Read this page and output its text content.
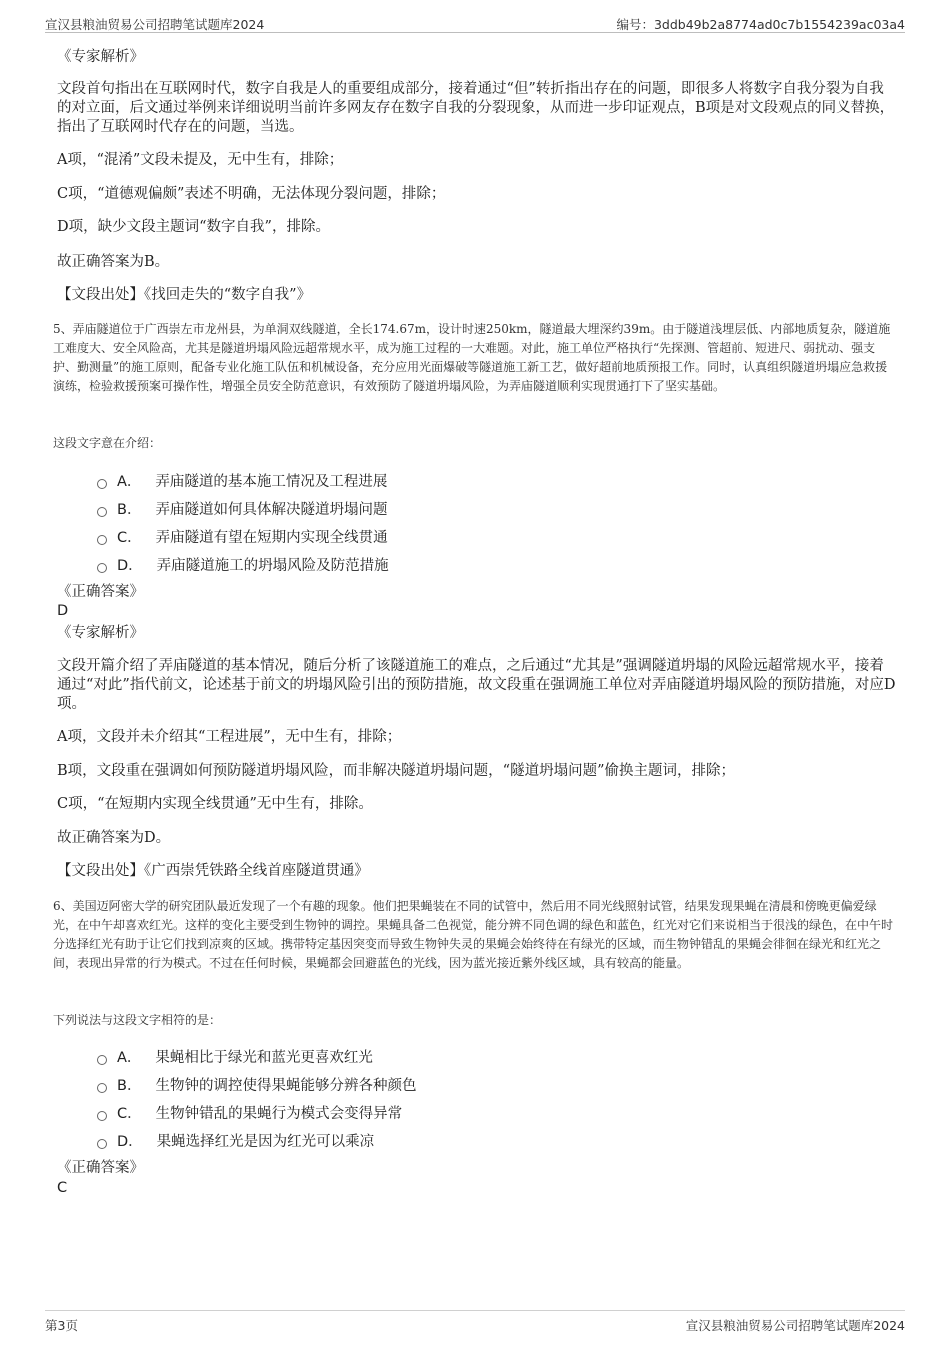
宣汉县粮油贸易公司招聘笔试题库2024	编号：3ddb49b2a8774ad0c7b1554239ac03a4
《专家解析》
文段首句指出在互联网时代，数字自我是人的重要组成部分，接着通过“但”转折指出存在的问题，即很多人将数字自我分裂为自我的对立面，后文通过举例来详细说明当前许多网友存在数字自我的分裂现象，从而进一步印证观点，B项是对文段观点的同义替换，指出了互联网时代存在的问题，当选。
A项，“混淆”文段未提及，无中生有，排除；
C项，“道德观偏颇”表述不明确，无法体现分裂问题，排除；
D项，缺少文段主题词“数字自我”，排除。
故正确答案为B。
【文段出处】《找回走失的“数字自我”》
5、弄庙隧道位于广西崇左市龙州县，为单洞双线隧道，全长174.67m，设计时速250km，隧道最大埋深约39m。由于隧道浅埋层低、内部地质复杂，隧道施工难度大、安全风险高，尤其是隧道坍塌风险远超常规水平，成为施工过程的一大难题。对此，施工单位严格执行“先探测、管超前、短进尺、弱扰动、强支护、勤测量”的施工原则，配备专业化施工队伍和机械设备，充分应用光面爆破等隧道施工新工艺，做好超前地质预报工作。同时，认真组织隧道坍塌应急救援演练，检验救援预案可操作性，增强全员安全防范意识，有效预防了隧道坍塌风险，为弄庙隧道顺利实现贯通打下了坚实基础。
这段文字意在介绍：
A． 弄庙隧道的基本施工情况及工程进展
B． 弄庙隧道如何具体解决隧道坍塌问题
C． 弄庙隧道有望在短期内实现全线贯通
D． 弄庙隧道施工的坍塌风险及防范措施
《正确答案》
D
《专家解析》
文段开篇介绍了弄庙隧道的基本情况，随后分析了该隧道施工的难点，之后通过“尤其是”强调隧道坍塌的风险远超常规水平，接着通过“对此”指代前文，论述基于前文的坍塌风险引出的预防措施，故文段重在强调施工单位对弄庙隧道坍塌风险的预防措施，对应D项。
A项，文段并未介绍其“工程进展”，无中生有，排除；
B项，文段重在强调如何预防隧道坍塌风险，而非解决隧道坍塌问题，“隧道坍塌问题”偷换主题词，排除；
C项，“在短期内实现全线贯通”无中生有，排除。
故正确答案为D。
【文段出处】《广西崇凭铁路全线首座隧道贯通》
6、美国迈阿密大学的研究团队最近发现了一个有趣的现象。他们把果蝇装在不同的试管中，然后用不同光线照射试管，结果发现果蝇在清晨和傍晚更偏爱绿光，在中午却喜欢红光。这样的变化主要受到生物钟的调控。果蝇具备二色视觉，能分辨不同色调的绿色和蓝色，红光对它们来说相当于很浅的绿色，在中午时分选择红光有助于让它们找到凉爽的区域。携带特定基因突变而导致生物钟失灵的果蝇会始终待在有绿光的区域，而生物钟错乱的果蝇会徘徊在绿光和红光之间，表现出异常的行为模式。不过在任何时候，果蝇都会回避蓝色的光线，因为蓝光接近紫外线区域，具有较高的能量。
下列说法与这段文字相符的是：
A． 果蝇相比于绿光和蓝光更喜欢红光
B． 生物钟的调控使得果蝇能够分辨各种颜色
C． 生物钟错乱的果蝇行为模式会变得异常
D． 果蝇选择红光是因为红光可以乘凉
《正确答案》
C
第3页	宣汉县粮油贸易公司招聘笔试题库2024
